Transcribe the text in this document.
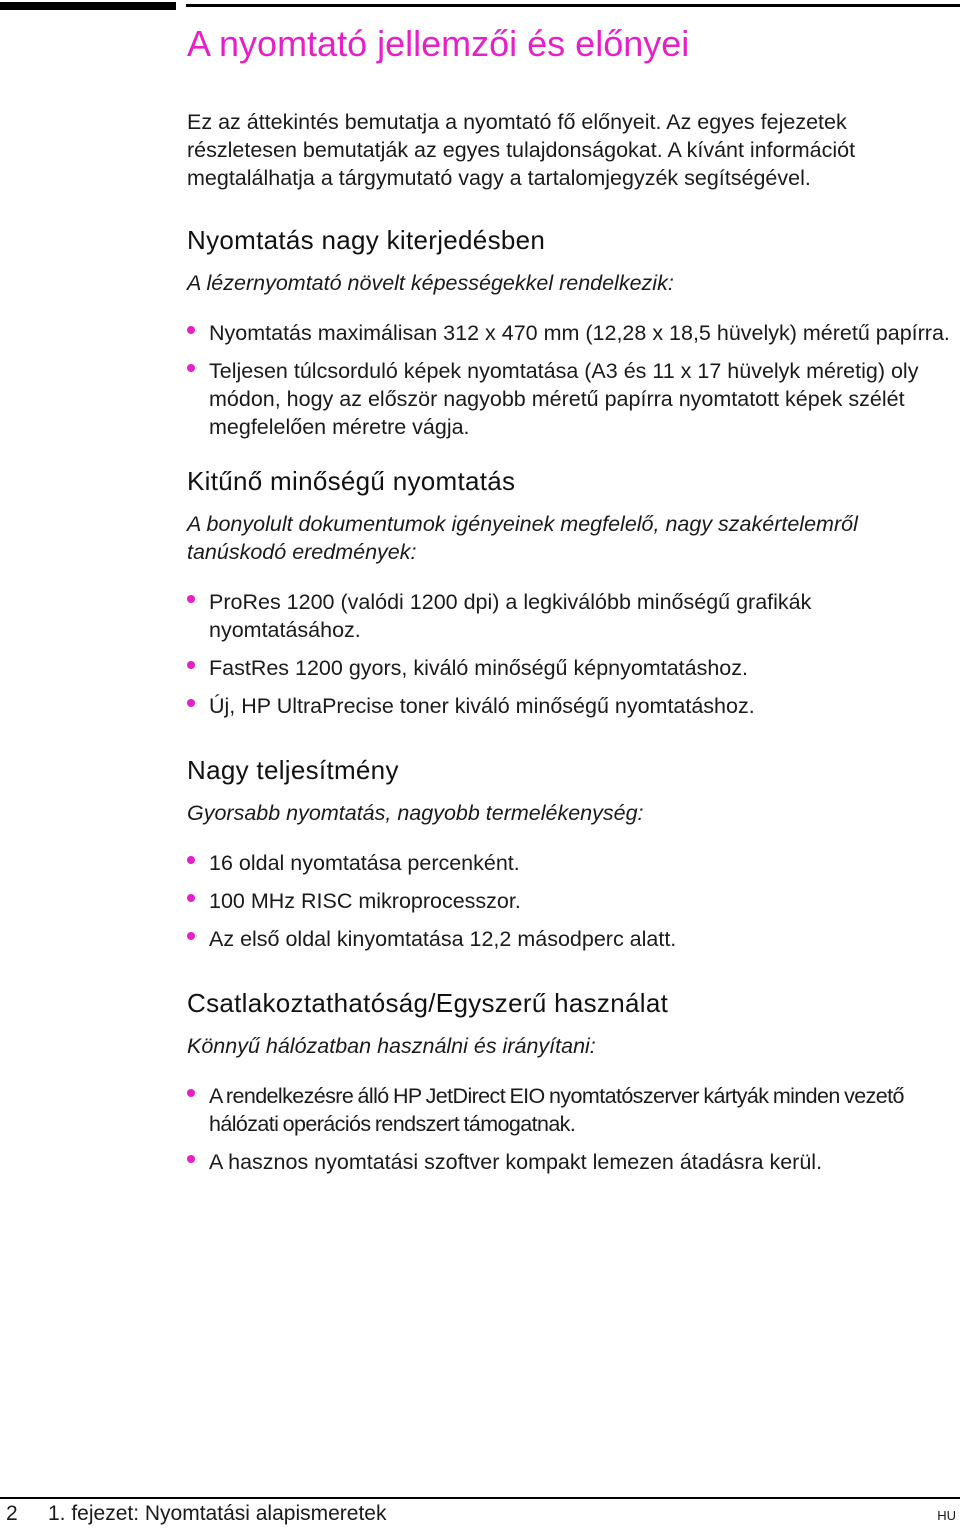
A nyomtató jellemzői és előnyei

Ez az áttekintés bemutatja a nyomtató fő előnyeit. Az egyes fejezetek részletesen bemutatják az egyes tulajdonságokat. A kívánt információt megtalálhatja a tárgymutató vagy a tartalomjegyzék segítségével.

Nyomtatás nagy kiterjedésben

A lézernyomtató növelt képességekkel rendelkezik:

Nyomtatás maximálisan 312 x 470 mm (12,28 x 18,5 hüvelyk) méretű papírra.
Teljesen túlcsorduló képek nyomtatása (A3 és 11 x 17 hüvelyk méretig) oly módon, hogy az először nagyobb méretű papírra nyomtatott képek szélét megfelelően méretre vágja.
Kitűnő minőségű nyomtatás

A bonyolult dokumentumok igényeinek megfelelő, nagy szakértelemről tanúskodó eredmények:

ProRes 1200 (valódi 1200 dpi) a legkiválóbb minőségű grafikák nyomtatásához.
FastRes 1200 gyors, kiváló minőségű képnyomtatáshoz.
Új, HP UltraPrecise toner kiváló minőségű nyomtatáshoz.
Nagy teljesítmény

Gyorsabb nyomtatás, nagyobb termelékenység:

16 oldal nyomtatása percenként.
100 MHz RISC mikroprocesszor.
Az első oldal kinyomtatása 12,2 másodperc alatt.
Csatlakoztathatóság/Egyszerű használat

Könnyű hálózatban használni és irányítani:

A rendelkezésre álló HP JetDirect EIO nyomtatószerver kártyák minden vezető hálózati operációs rendszert támogatnak.
A hasznos nyomtatási szoftver kompakt lemezen átadásra kerül.
2 1. fejezet: Nyomtatási alapismeretek	HU
